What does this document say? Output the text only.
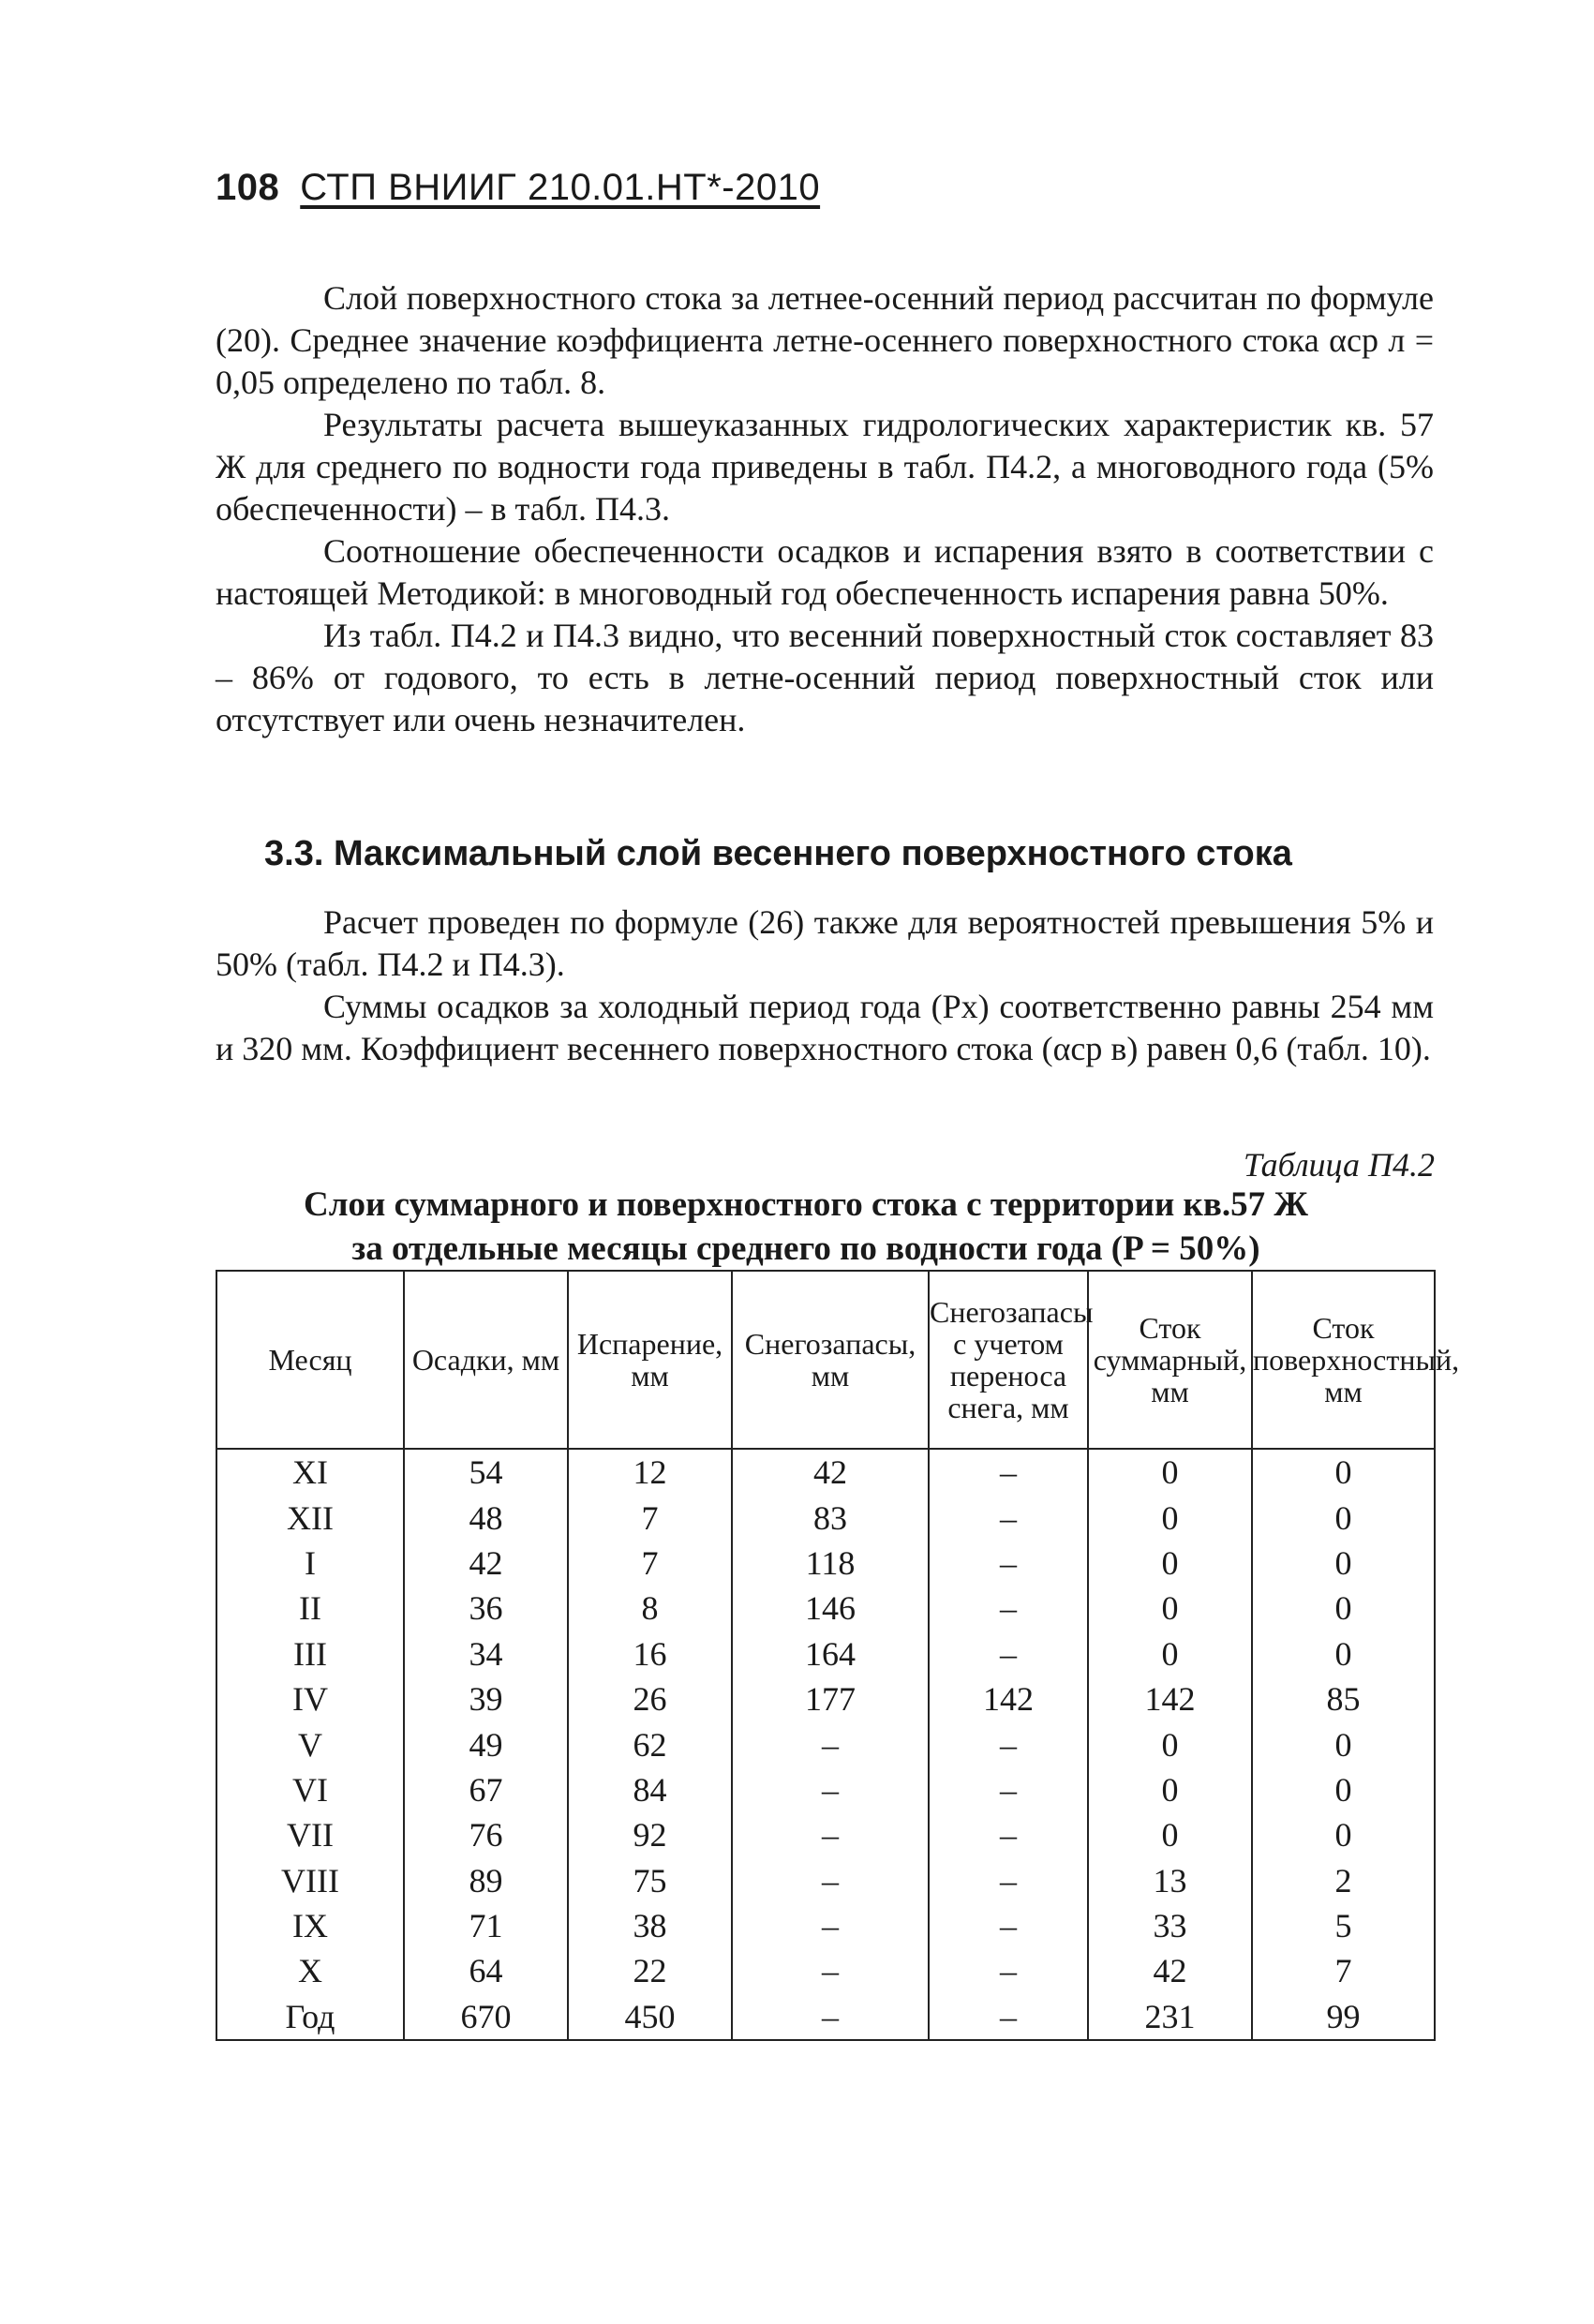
108 СТП ВНИИГ 210.01.НТ*-2010

Слой поверхностного стока за летнее-осенний период рассчитан по формуле (20). Среднее значение коэффициента летне-осеннего поверхностного стока αср л = 0,05 определено по табл. 8.

Результаты расчета вышеуказанных гидрологических характеристик кв. 57 Ж для среднего по водности года приведены в табл. П4.2, а многоводного года (5% обеспеченности) – в табл. П4.3.

Соотношение обеспеченности осадков и испарения взято в соответствии с настоящей Методикой: в многоводный год обеспеченность испарения равна 50%.

Из табл. П4.2 и П4.3 видно, что весенний поверхностный сток составляет 83 – 86% от годового, то есть в летне-осенний период поверхностный сток или отсутствует или очень незначителен.

3.3. Максимальный слой весеннего поверхностного стока

Расчет проведен по формуле (26) также для вероятностей превышения 5% и 50% (табл. П4.2 и П4.3).

Суммы осадков за холодный период года (Px) соответственно равны 254 мм и 320 мм. Коэффициент весеннего поверхностного стока (αср в) равен 0,6 (табл. 10).

Таблица П4.2
Слои суммарного и поверхностного стока с территории кв.57 Ж
за отдельные месяцы среднего по водности года (P = 50%)
Месяц	Осадки, мм	Испарение, мм	Снегозапасы, мм	Снегозапасы с учетом переноса снега, мм	Сток суммарный, мм	Сток поверхностный, мм
XI	54	12	42	–	0	0
XII	48	7	83	–	0	0
I	42	7	118	–	0	0
II	36	8	146	–	0	0
III	34	16	164	–	0	0
IV	39	26	177	142	142	85
V	49	62	–	–	0	0
VI	67	84	–	–	0	0
VII	76	92	–	–	0	0
VIII	89	75	–	–	13	2
IX	71	38	–	–	33	5
X	64	22	–	–	42	7
Год	670	450	–	–	231	99
